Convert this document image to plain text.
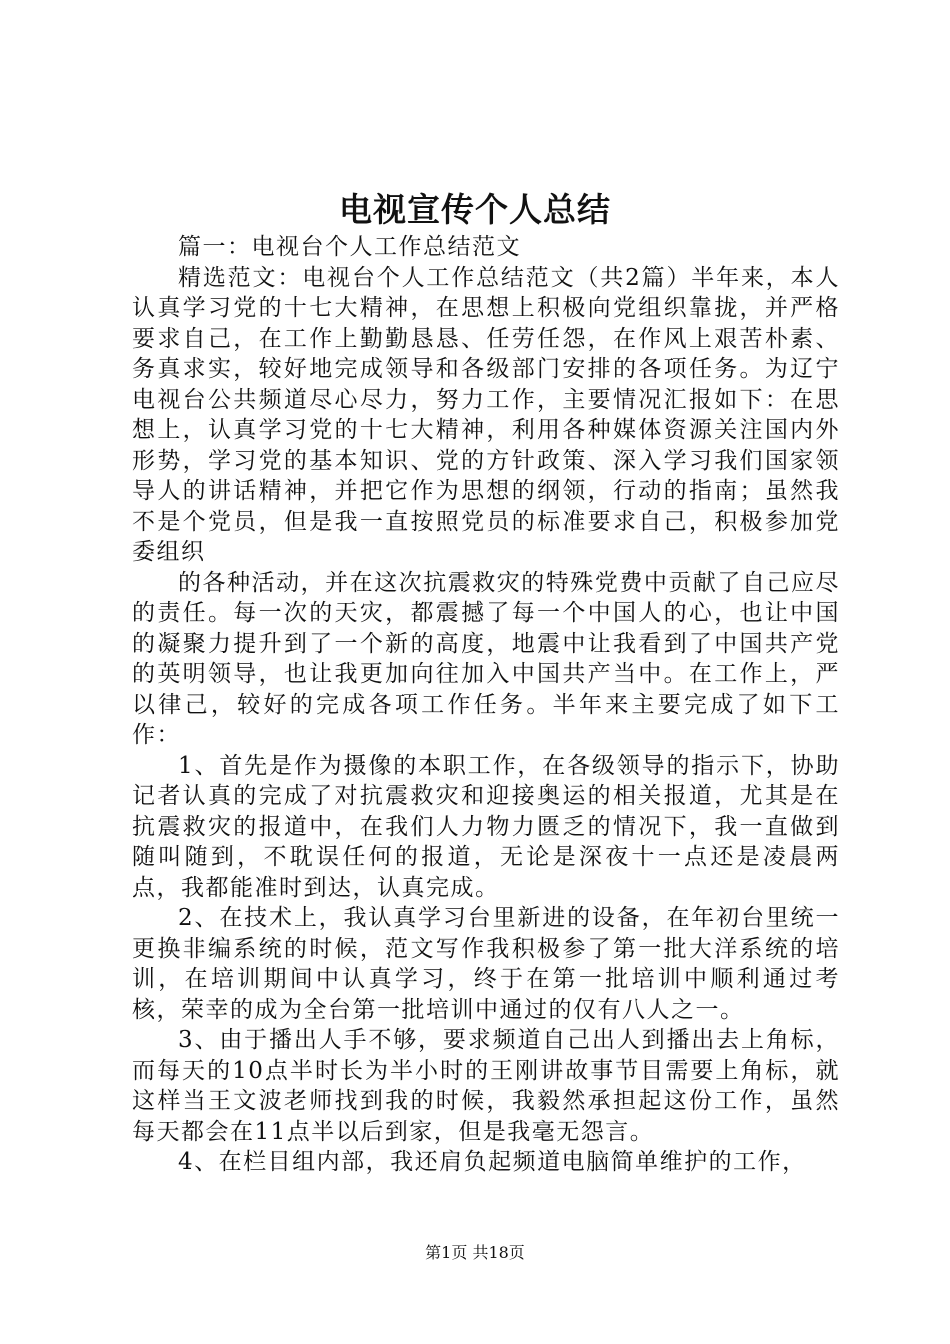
电视宣传个人总结

篇一：电视台个人工作总结范文

精选范文：电视台个人工作总结范文（共2篇）半年来，本人认真学习党的十七大精神，在思想上积极向党组织靠拢，并严格要求自己，在工作上勤勤恳恳、任劳任怨，在作风上艰苦朴素、务真求实，较好地完成领导和各级部门安排的各项任务。为辽宁电视台公共频道尽心尽力，努力工作，主要情况汇报如下：在思想上，认真学习党的十七大精神，利用各种媒体资源关注国内外形势，学习党的基本知识、党的方针政策、深入学习我们国家领导人的讲话精神，并把它作为思想的纲领，行动的指南；虽然我不是个党员，但是我一直按照党员的标准要求自己，积极参加党委组织

的各种活动，并在这次抗震救灾的特殊党费中贡献了自己应尽的责任。每一次的天灾，都震撼了每一个中国人的心，也让中国的凝聚力提升到了一个新的高度，地震中让我看到了中国共产党的英明领导，也让我更加向往加入中国共产当中。在工作上，严以律己，较好的完成各项工作任务。半年来主要完成了如下工作：

1、首先是作为摄像的本职工作，在各级领导的指示下，协助记者认真的完成了对抗震救灾和迎接奥运的相关报道，尤其是在抗震救灾的报道中，在我们人力物力匮乏的情况下，我一直做到随叫随到，不耽误任何的报道，无论是深夜十一点还是凌晨两点，我都能准时到达，认真完成。

2、在技术上，我认真学习台里新进的设备，在年初台里统一更换非编系统的时候，范文写作我积极参了第一批大洋系统的培训，在培训期间中认真学习，终于在第一批培训中顺利通过考核，荣幸的成为全台第一批培训中通过的仅有八人之一。

3、由于播出人手不够，要求频道自己出人到播出去上角标，而每天的10点半时长为半小时的王刚讲故事节目需要上角标，就这样当王文波老师找到我的时候，我毅然承担起这份工作，虽然每天都会在11点半以后到家，但是我毫无怨言。

4、在栏目组内部，我还肩负起频道电脑简单维护的工作，

第1页 共18页
